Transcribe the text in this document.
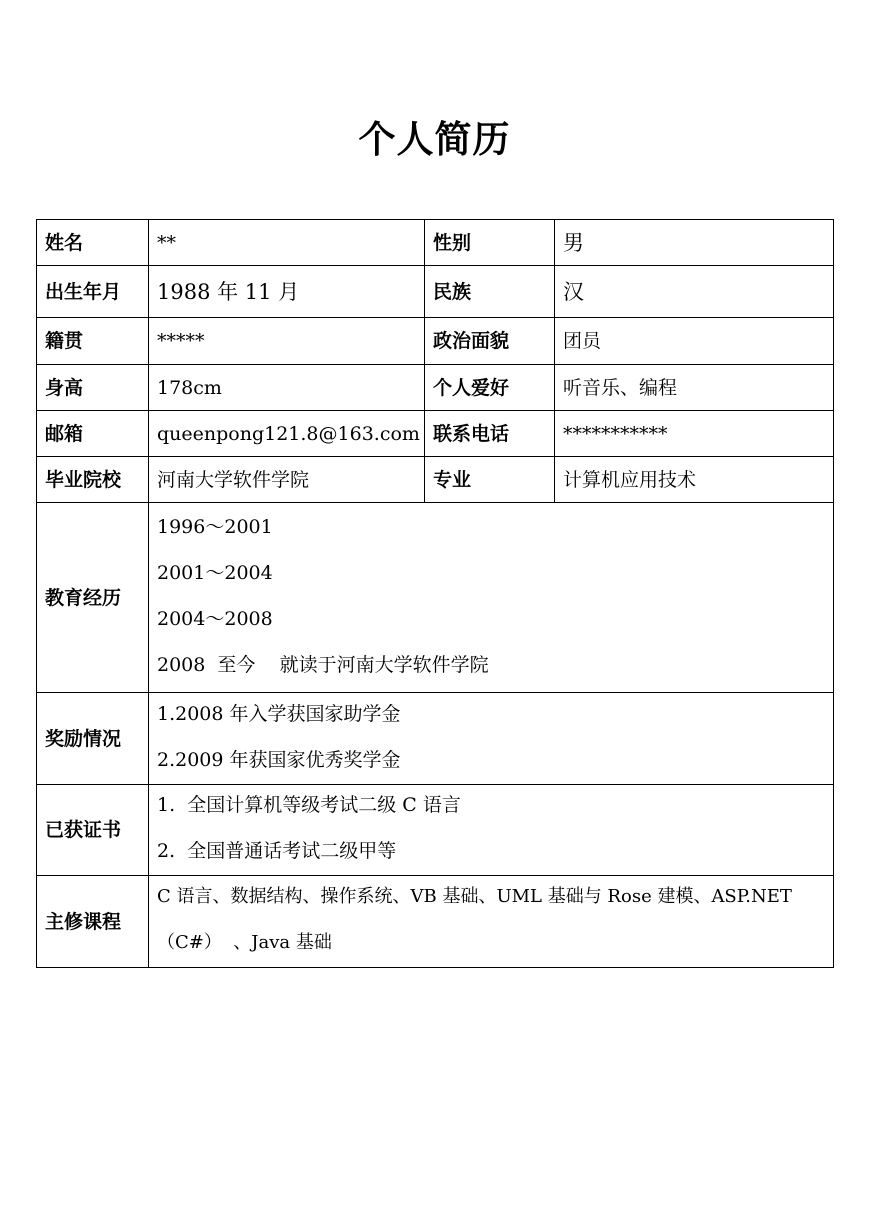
个人简历
姓名	**	性别	男
出生年月	1988 年 11 月	民族	汉
籍贯	*****	政治面貌	团员
身高	178cm	个人爱好	听音乐、编程
邮箱	queenpong121.8@163.com	联系电话	***********
毕业院校	河南大学软件学院	专业	计算机应用技术
教育经历	1996～2001
2001～2004
2004～2008
2008  至今    就读于河南大学软件学院		

奖励情况	1.2008 年入学获国家助学金
2.2009 年获国家优秀奖学金		

已获证书	1.  全国计算机等级考试二级 C 语言
2.  全国普通话考试二级甲等		

主修课程	C 语言、数据结构、操作系统、VB 基础、UML 基础与 Rose 建模、ASP.NET
（C#）  、Java 基础		
